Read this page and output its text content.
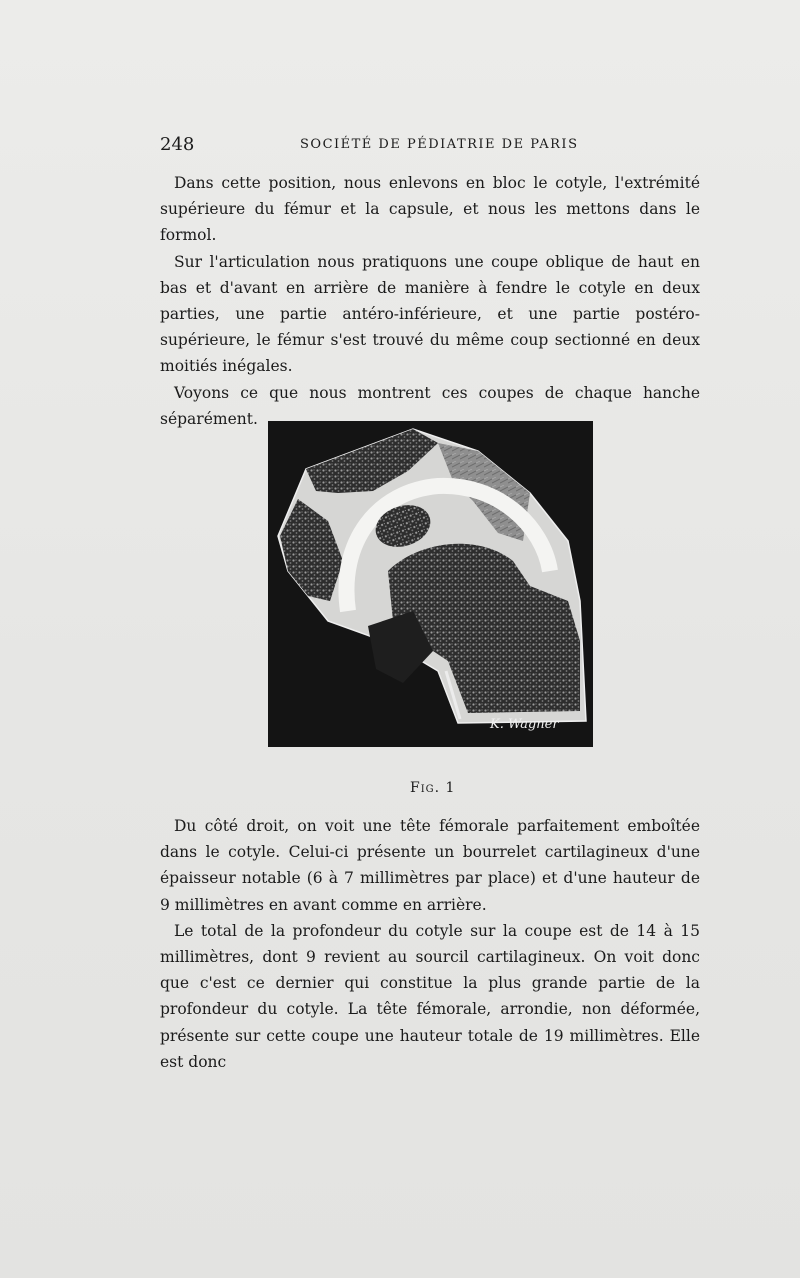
248	SOCIÉTÉ DE PÉDIATRIE DE PARIS

Dans cette position, nous enlevons en bloc le cotyle, l'extrémité supérieure du fémur et la capsule, et nous les mettons dans le formol.

Sur l'articulation nous pratiquons une coupe oblique de haut en bas et d'avant en arrière de manière à fendre le cotyle en deux parties, une partie antéro-inférieure, et une partie postéro-supérieure, le fémur s'est trouvé du même coup sectionné en deux moitiés inégales.

Voyons ce que nous montrent ces coupes de chaque hanche séparément.

K. Wagner
Fig. 1

Du côté droit, on voit une tête fémorale parfaitement emboîtée dans le cotyle. Celui-ci présente un bourrelet cartilagineux d'une épaisseur notable (6 à 7 millimètres par place) et d'une hauteur de 9 millimètres en avant comme en arrière.

Le total de la profondeur du cotyle sur la coupe est de 14 à 15 millimètres, dont 9 revient au sourcil cartilagineux. On voit donc que c'est ce dernier qui constitue la plus grande partie de la profondeur du cotyle. La tête fémorale, arrondie, non déformée, présente sur cette coupe une hauteur totale de 19 millimètres. Elle est donc
